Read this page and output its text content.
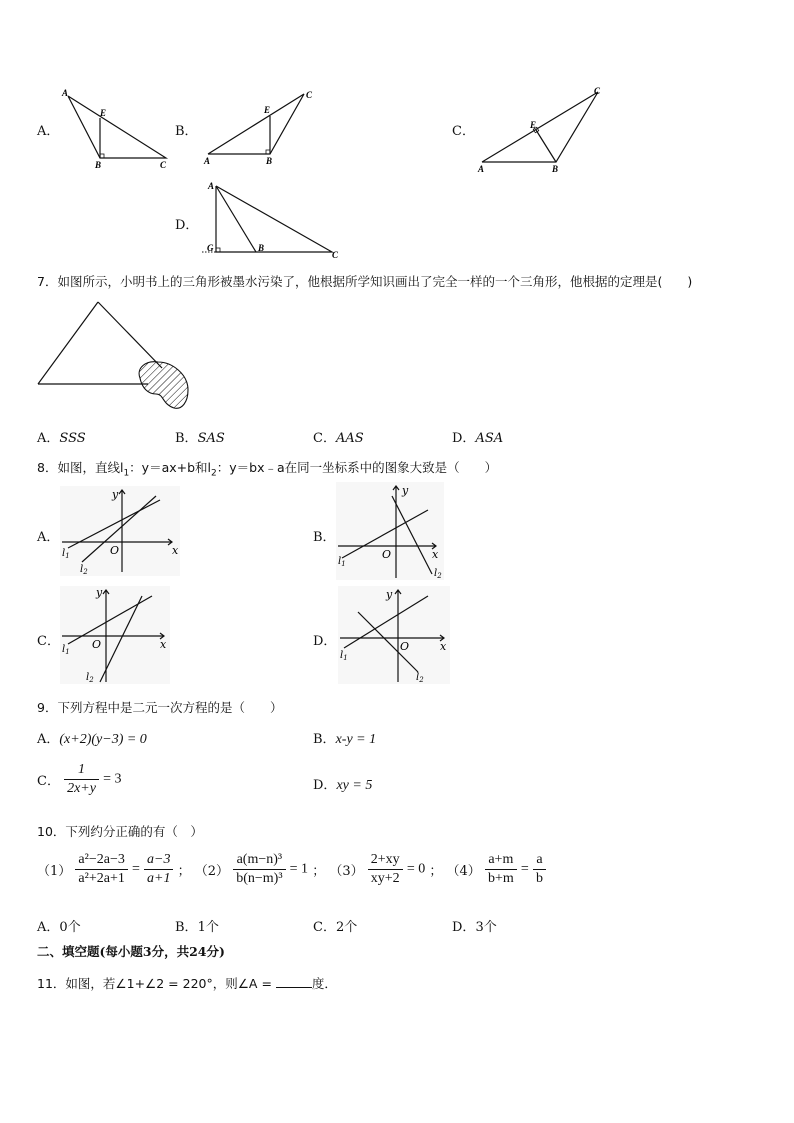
A．
A
E
B	C
B．
E
C
A	B
C．
C
E
A	B
D．
A
G	B
C
7．如图所示，小明书上的三角形被墨水污染了，他根据所学知识画出了完全一样的一个三角形，他根据的定理是(　　)
A．SSS	B．SAS	C．AAS	D．ASA
8．如图，直线$l_1$：y＝ax+b和$l_2$：y＝bx﹣a在同一坐标系中的图象大致是（　　）
A．
x
y
O
$l_1$
$l_2$
B．
x
y
O
$l_1$
$l_2$
C．	x
y
O
$l_1$
$l_2$
D．	x
y
O
$l_1$
$l_2$
9．下列方程中是二元一次方程的是（　　）
A．(x+2)(y−3) = 0	B．x-y = 1
C． $\frac{1}{2x+y} = 3$	D．xy = 5
10．下列约分正确的有（　）
$(1) \frac{\text{a²−2a−3}}{\text{a²+2a+1}} = \frac{a-3}{a+1}$ ； $(2) \frac{\text{a(m−n)³}}{\text{b(n−m)³}} = 1$ ； $(3) \frac{2+xy}{xy+2} = 0$ ； $(4) \frac{a+m}{b+m} = \frac{a}{b}$
A．0个	B．1个	C．2个	D．3个
二、填空题(每小题3分，共24分)
11．如图，若∠1+∠2 = 220°，则∠A =	度．
